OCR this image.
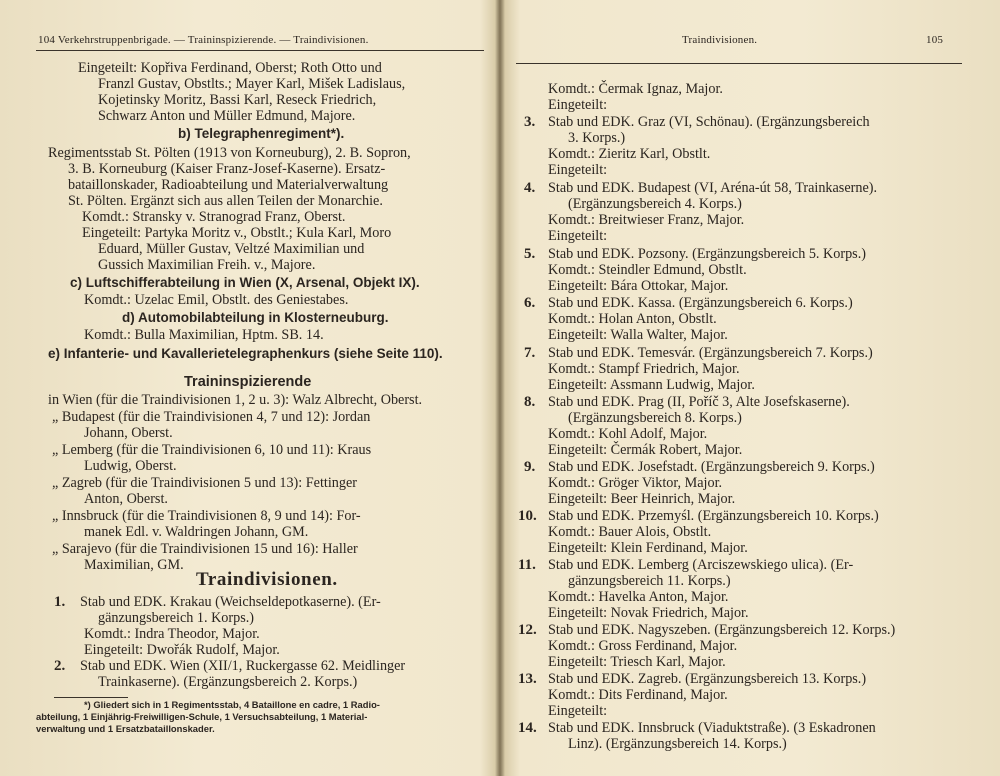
104 Verkehrstruppenbrigade. — Traininspizierende. — Traindivisionen.
Eingeteilt: Kopřiva Ferdinand, Oberst; Roth Otto und
Franzl Gustav, Obstlts.; Mayer Karl, Mišek Ladislaus,
Kojetinsky Moritz, Bassi Karl, Reseck Friedrich,
Schwarz Anton und Müller Edmund, Majore.
b) Telegraphenregiment*).
Regimentsstab St. Pölten (1913 von Korneuburg), 2. B. Sopron,
3. B. Korneuburg (Kaiser Franz-Josef-Kaserne). Ersatz-
bataillonskader, Radioabteilung und Materialverwaltung
St. Pölten. Ergänzt sich aus allen Teilen der Monarchie.
Komdt.: Stransky v. Stranograd Franz, Oberst.
Eingeteilt: Partyka Moritz v., Obstlt.; Kula Karl, Moro
Eduard, Müller Gustav, Veltzé Maximilian und
Gussich Maximilian Freih. v., Majore.
c) Luftschifferabteilung in Wien (X, Arsenal, Objekt IX).
Komdt.: Uzelac Emil, Obstlt. des Geniestabes.
d) Automobilabteilung in Klosterneuburg.
Komdt.: Bulla Maximilian, Hptm. SB. 14.
e) Infanterie- und Kavallerietelegraphenkurs (siehe Seite 110).
Traininspizierende
in Wien (für die Traindivisionen 1, 2 u. 3): Walz Albrecht, Oberst.
„ Budapest (für die Traindivisionen 4, 7 und 12): Jordan
Johann, Oberst.
„ Lemberg (für die Traindivisionen 6, 10 und 11): Kraus
Ludwig, Oberst.
„ Zagreb (für die Traindivisionen 5 und 13): Fettinger
Anton, Oberst.
„ Innsbruck (für die Traindivisionen 8, 9 und 14): For-
manek Edl. v. Waldringen Johann, GM.
„ Sarajevo (für die Traindivisionen 15 und 16): Haller
Maximilian, GM.
Traindivisionen.
1. Stab und EDK. Krakau (Weichseldepotkaserne). (Er-
gänzungsbereich 1. Korps.)
Komdt.: Indra Theodor, Major.
Eingeteilt: Dwořák Rudolf, Major.
2. Stab und EDK. Wien (XII/1, Ruckergasse 62. Meidlinger
Trainkaserne). (Ergänzungsbereich 2. Korps.)
*) Gliedert sich in 1 Regimentsstab, 4 Bataillone en cadre, 1 Radio-
abteilung, 1 Einjährig-Freiwilligen-Schule, 1 Versuchsabteilung, 1 Material-
verwaltung und 1 Ersatzbataillonskader.
Traindivisionen.	105
Komdt.: Čermak Ignaz, Major.
Eingeteilt:
3. Stab und EDK. Graz (VI, Schönau). (Ergänzungsbereich
3. Korps.)
Komdt.: Zieritz Karl, Obstlt.
Eingeteilt:
4. Stab und EDK. Budapest (VI, Aréna-út 58, Trainkaserne).
(Ergänzungsbereich 4. Korps.)
Komdt.: Breitwieser Franz, Major.
Eingeteilt:
5. Stab und EDK. Pozsony. (Ergänzungsbereich 5. Korps.)
Komdt.: Steindler Edmund, Obstlt.
Eingeteilt: Bára Ottokar, Major.
6. Stab und EDK. Kassa. (Ergänzungsbereich 6. Korps.)
Komdt.: Holan Anton, Obstlt.
Eingeteilt: Walla Walter, Major.
7. Stab und EDK. Temesvár. (Ergänzungsbereich 7. Korps.)
Komdt.: Stampf Friedrich, Major.
Eingeteilt: Assmann Ludwig, Major.
8. Stab und EDK. Prag (II, Poříč 3, Alte Josefskaserne).
(Ergänzungsbereich 8. Korps.)
Komdt.: Kohl Adolf, Major.
Eingeteilt: Čermák Robert, Major.
9. Stab und EDK. Josefstadt. (Ergänzungsbereich 9. Korps.)
Komdt.: Gröger Viktor, Major.
Eingeteilt: Beer Heinrich, Major.
10. Stab und EDK. Przemyśl. (Ergänzungsbereich 10. Korps.)
Komdt.: Bauer Alois, Obstlt.
Eingeteilt: Klein Ferdinand, Major.
11. Stab und EDK. Lemberg (Arciszewskiego ulica). (Er-
gänzungsbereich 11. Korps.)
Komdt.: Havelka Anton, Major.
Eingeteilt: Novak Friedrich, Major.
12. Stab und EDK. Nagyszeben. (Ergänzungsbereich 12. Korps.)
Komdt.: Gross Ferdinand, Major.
Eingeteilt: Triesch Karl, Major.
13. Stab und EDK. Zagreb. (Ergänzungsbereich 13. Korps.)
Komdt.: Dits Ferdinand, Major.
Eingeteilt:
14. Stab und EDK. Innsbruck (Viaduktstraße). (3 Eskadronen
Linz). (Ergänzungsbereich 14. Korps.)
